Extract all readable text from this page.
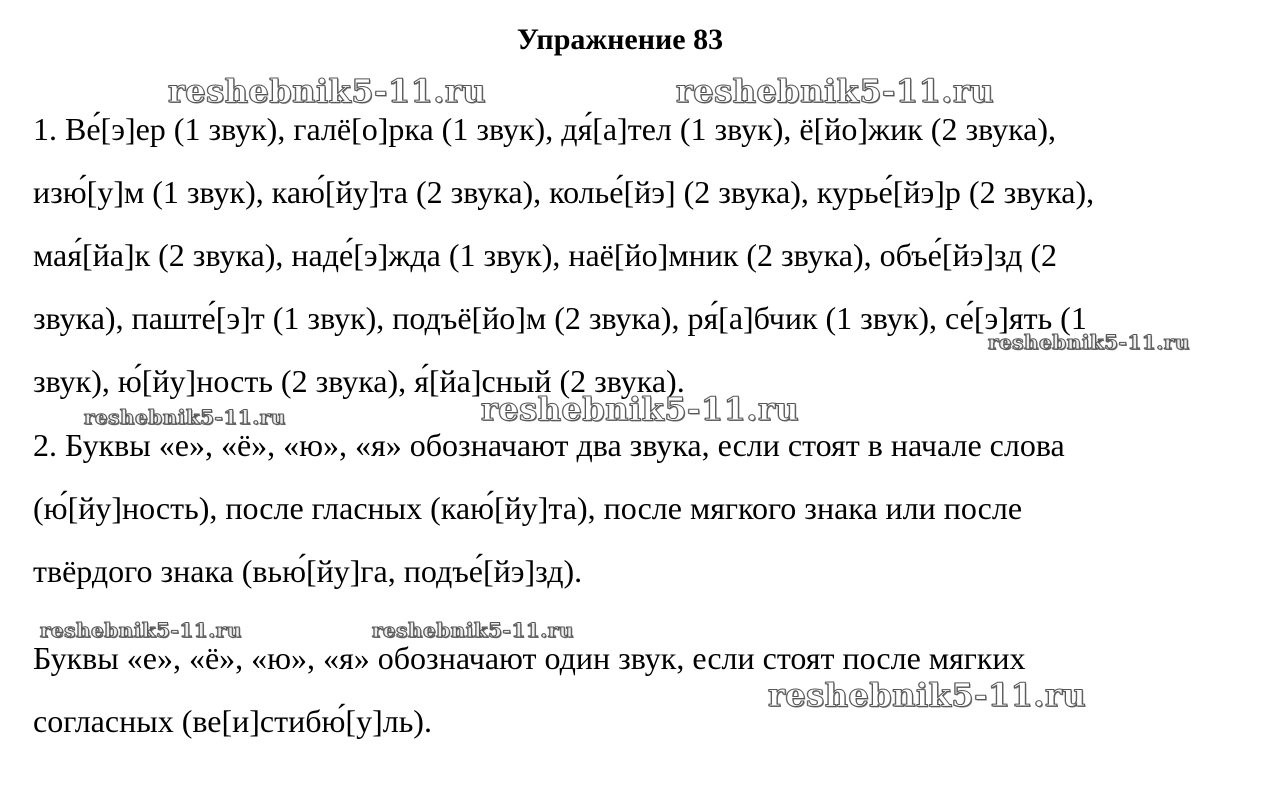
Упражнение 83
1. Ве́[э]ер (1 звук), галё[о]рка (1 звук), дя́[а]тел (1 звук), ё[йо]жик (2 звука),
изю́[у]м (1 звук), каю́[йу]та (2 звука), колье́[йэ] (2 звука), курье́[йэ]р (2 звука),
мая́[йа]к (2 звука), наде́[э]жда (1 звук), наё[йо]мник (2 звука), объе́[йэ]зд (2
звука), паште́[э]т (1 звук), подъё[йо]м (2 звука), ря́[а]бчик (1 звук), се́[э]ять (1
звук), ю́[йу]ность (2 звука), я́[йа]сный (2 звука).
2. Буквы «е», «ё», «ю», «я» обозначают два звука, если стоят в начале слова
(ю́[йу]ность), после гласных (каю́[йу]та), после мягкого знака или после
твёрдого знака (вью́[йу]га, подъе́[йэ]зд).
Буквы «е», «ё», «ю», «я» обозначают один звук, если стоят после мягких
согласных (ве[и]стибю́[у]ль).
reshebnik5-11.ru	reshebnik5-11.ru
reshebnik5-11.ru
reshebnik5-11.ru	reshebnik5-11.ru
reshebnik5-11.ru	reshebnik5-11.ru
reshebnik5-11.ru
